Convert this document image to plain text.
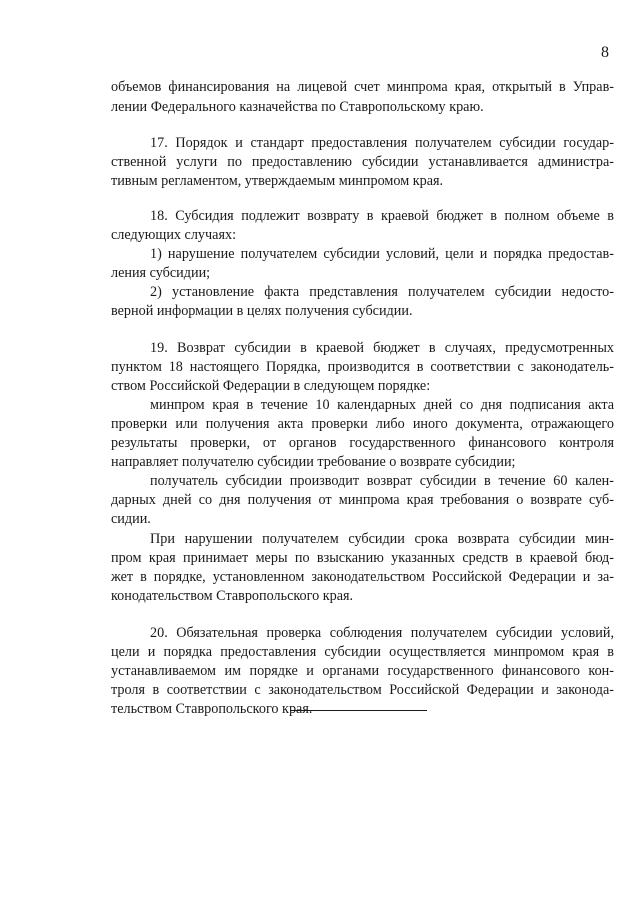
8
объемов финансирования на лицевой счет минпрома края, открытый в Управ-
лении Федерального казначейства по Ставропольскому краю.
17. Порядок и стандарт предоставления получателем субсидии государ-
ственной услуги по предоставлению субсидии устанавливается администра-
тивным регламентом, утверждаемым минпромом края.
18. Субсидия подлежит возврату в краевой бюджет в полном объеме в
следующих случаях:
1) нарушение получателем субсидии условий, цели и порядка предостав-
ления субсидии;
2) установление факта представления получателем субсидии недосто-
верной информации в целях получения субсидии.
19. Возврат субсидии в краевой бюджет в случаях, предусмотренных
пунктом 18 настоящего Порядка, производится в соответствии с законодатель-
ством Российской Федерации в следующем порядке:
минпром края в течение 10 календарных дней со дня подписания акта
проверки или получения акта проверки либо иного документа, отражающего
результаты проверки, от органов государственного финансового контроля
направляет получателю субсидии требование о возврате субсидии;
получатель субсидии производит возврат субсидии в течение 60 кален-
дарных дней со дня получения от минпрома края требования о возврате суб-
сидии.
При нарушении получателем субсидии срока возврата субсидии мин-
пром края принимает меры по взысканию указанных средств в краевой бюд-
жет в порядке, установленном законодательством Российской Федерации и за-
конодательством Ставропольского края.
20. Обязательная проверка соблюдения получателем субсидии условий,
цели и порядка предоставления субсидии осуществляется минпромом края в
устанавливаемом им порядке и органами государственного финансового кон-
троля в соответствии с законодательством Российской Федерации и законода-
тельством Ставропольского края.
